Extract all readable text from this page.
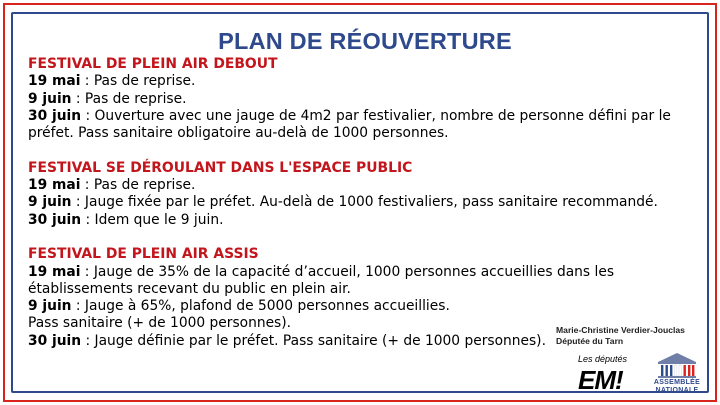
PLAN DE RÉOUVERTURE
FESTIVAL DE PLEIN AIR DEBOUT
19 mai : Pas de reprise.
9 juin : Pas de reprise.
30 juin : Ouverture avec une jauge de 4m2 par festivalier, nombre de personne défini par le préfet. Pass sanitaire obligatoire au-delà de 1000 personnes.
FESTIVAL SE DÉROULANT DANS L'ESPACE PUBLIC
19 mai : Pas de reprise.
9 juin : Jauge fixée par le préfet. Au-delà de 1000 festivaliers, pass sanitaire recommandé.
30 juin : Idem que le 9 juin.
FESTIVAL DE PLEIN AIR ASSIS
19 mai : Jauge de 35% de la capacité d’accueil, 1000 personnes accueillies dans les établissements recevant du public en plein air.
9 juin : Jauge à 65%, plafond de 5000 personnes accueillies.
Pass sanitaire (+ de 1000 personnes).
30 juin : Jauge définie par le préfet. Pass sanitaire (+ de 1000 personnes).
Marie-Christine Verdier-Jouclas
Députée du Tarn
Les députés
EM!	ASSEMBLÉE
NATIONALE
